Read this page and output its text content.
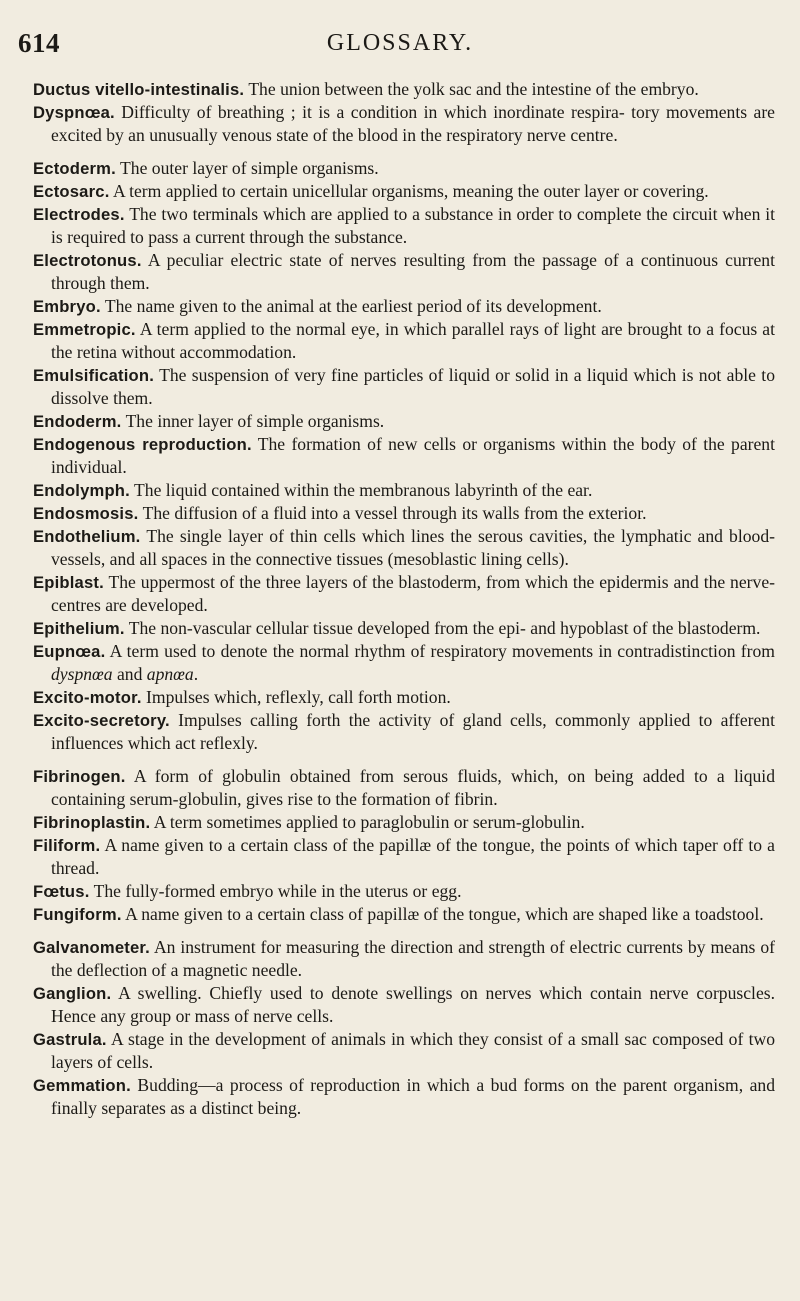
614	GLOSSARY.

Ductus vitello-intestinalis. The union between the yolk sac and the intestine of the embryo.

Dyspnœa. Difficulty of breathing ; it is a condition in which inordinate respira- tory movements are excited by an unusually venous state of the blood in the respiratory nerve centre.

Ectoderm. The outer layer of simple organisms.

Ectosarc. A term applied to certain unicellular organisms, meaning the outer layer or covering.

Electrodes. The two terminals which are applied to a substance in order to complete the circuit when it is required to pass a current through the substance.

Electrotonus. A peculiar electric state of nerves resulting from the passage of a continuous current through them.

Embryo. The name given to the animal at the earliest period of its development.

Emmetropic. A term applied to the normal eye, in which parallel rays of light are brought to a focus at the retina without accommodation.

Emulsification. The suspension of very fine particles of liquid or solid in a liquid which is not able to dissolve them.

Endoderm. The inner layer of simple organisms.

Endogenous reproduction. The formation of new cells or organisms within the body of the parent individual.

Endolymph. The liquid contained within the membranous labyrinth of the ear.

Endosmosis. The diffusion of a fluid into a vessel through its walls from the exterior.

Endothelium. The single layer of thin cells which lines the serous cavities, the lymphatic and blood-vessels, and all spaces in the connective tissues (mesoblastic lining cells).

Epiblast. The uppermost of the three layers of the blastoderm, from which the epidermis and the nerve-centres are developed.

Epithelium. The non-vascular cellular tissue developed from the epi- and hypoblast of the blastoderm.

Eupnœa. A term used to denote the normal rhythm of respiratory movements in contradistinction from dyspnœa and apnœa.

Excito-motor. Impulses which, reflexly, call forth motion.

Excito-secretory. Impulses calling forth the activity of gland cells, commonly applied to afferent influences which act reflexly.

Fibrinogen. A form of globulin obtained from serous fluids, which, on being added to a liquid containing serum-globulin, gives rise to the formation of fibrin.

Fibrinoplastin. A term sometimes applied to paraglobulin or serum-globulin.

Filiform. A name given to a certain class of the papillæ of the tongue, the points of which taper off to a thread.

Fœtus. The fully-formed embryo while in the uterus or egg.

Fungiform. A name given to a certain class of papillæ of the tongue, which are shaped like a toadstool.

Galvanometer. An instrument for measuring the direction and strength of electric currents by means of the deflection of a magnetic needle.

Ganglion. A swelling. Chiefly used to denote swellings on nerves which contain nerve corpuscles. Hence any group or mass of nerve cells.

Gastrula. A stage in the development of animals in which they consist of a small sac composed of two layers of cells.

Gemmation. Budding—a process of reproduction in which a bud forms on the parent organism, and finally separates as a distinct being.
